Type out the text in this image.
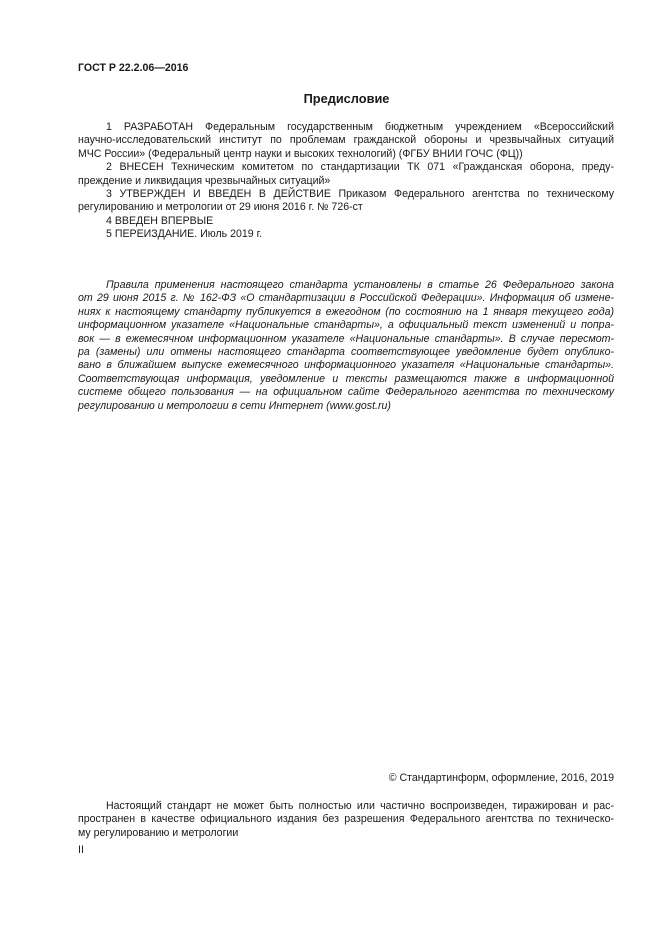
ГОСТ Р 22.2.06—2016
Предисловие
1 РАЗРАБОТАН Федеральным государственным бюджетным учреждением «Всероссийский
научно-исследовательский институт по проблемам гражданской обороны и чрезвычайных ситуаций
МЧС России» (Федеральный центр науки и высоких технологий) (ФГБУ ВНИИ ГОЧС (ФЦ))
2 ВНЕСЕН Техническим комитетом по стандартизации ТК 071 «Гражданская оборона, преду-
преждение и ликвидация чрезвычайных ситуаций»
3 УТВЕРЖДЕН И ВВЕДЕН В ДЕЙСТВИЕ Приказом Федерального агентства по техническому
регулированию и метрологии от 29 июня 2016 г. № 726-ст
4 ВВЕДЕН ВПЕРВЫЕ
5 ПЕРЕИЗДАНИЕ. Июль 2019 г.
Правила применения настоящего стандарта установлены в статье 26 Федерального закона
от 29 июня 2015 г. № 162-ФЗ «О стандартизации в Российской Федерации». Информация об измене-
ниях к настоящему стандарту публикуется в ежегодном (по состоянию на 1 января текущего года)
информационном указателе «Национальные стандарты», а официальный текст изменений и попра-
вок — в ежемесячном информационном указателе «Национальные стандарты». В случае пересмот-
ра (замены) или отмены настоящего стандарта соответствующее уведомление будет опублико-
вано в ближайшем выпуске ежемесячного информационного указателя «Национальные стандарты».
Соответствующая информация, уведомление и тексты размещаются также в информационной
системе общего пользования — на официальном сайте Федерального агентства по техническому
регулированию и метрологии в сети Интернет (www.gost.ru)
© Стандартинформ, оформление, 2016, 2019
Настоящий стандарт не может быть полностью или частично воспроизведен, тиражирован и рас-
пространен в качестве официального издания без разрешения Федерального агентства по техническо-
му регулированию и метрологии
II
